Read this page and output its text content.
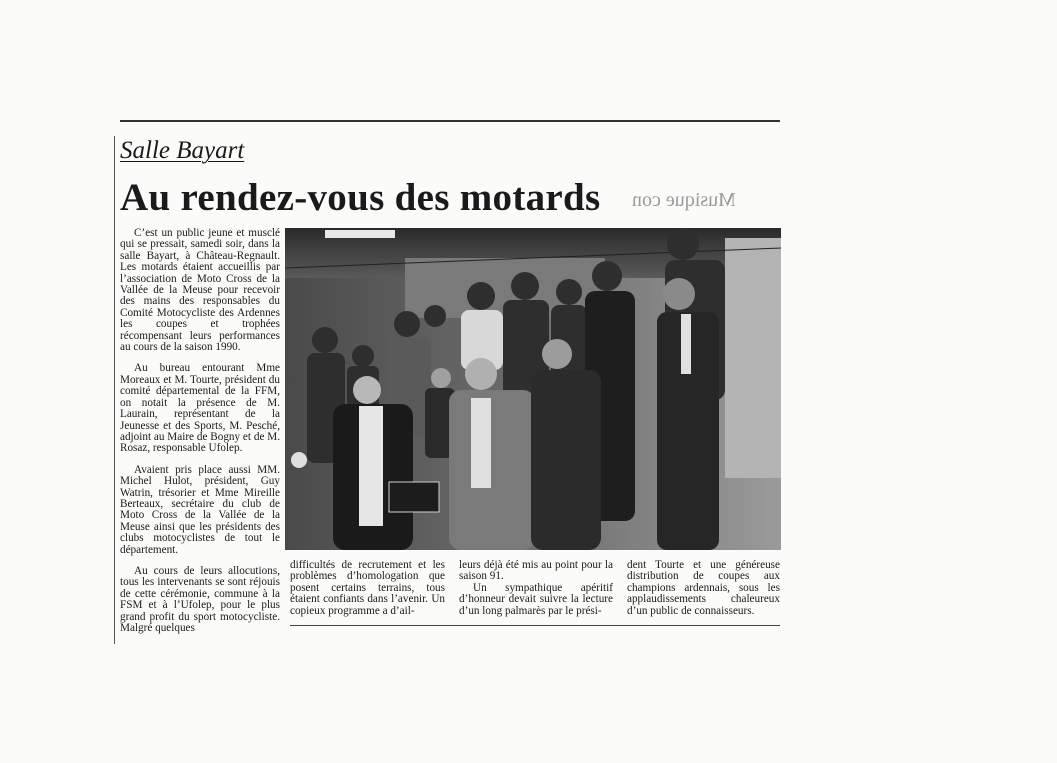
Salle Bayart
Au rendez-vous des motards Musique con

C’est un public jeune et musclé qui se pressait, samedi soir, dans la salle Bayart, à Château-Regnault. Les motards étaient accueillis par l’association de Moto Cross de la Vallée de la Meuse pour recevoir des mains des responsables du Comité Motocycliste des Ardennes les coupes et trophées récompensant leurs performances au cours de la saison 1990.

Au bureau entourant Mme Moreaux et M. Tourte, président du comité départemental de la FFM, on notait la présence de M. Laurain, représentant de la Jeunesse et des Sports, M. Pesché, adjoint au Maire de Bogny et de M. Rosaz, responsable Ufolep.

Avaient pris place aussi MM. Michel Hulot, président, Guy Watrin, trésorier et Mme Mireille Berteaux, secrétaire du club de Moto Cross de la Vallée de la Meuse ainsi que les présidents des clubs motocyclistes de tout le département.

Au cours de leurs allocutions, tous les intervenants se sont réjouis de cette cérémonie, commune à la FSM et à l’Ufolep, pour le plus grand profit du sport motocycliste. Malgré quelques

difficultés de recrutement et les problèmes d’homologation que posent certains terrains, tous étaient confiants dans l’avenir. Un copieux programme a d’ail-

leurs déjà été mis au point pour la saison 91.

Un sympathique apéritif d’honneur devait suivre la lecture d’un long palmarès par le prési-

dent Tourte et une généreuse distribution de coupes aux champions ardennais, sous les applaudissements chaleureux d’un public de connaisseurs.
